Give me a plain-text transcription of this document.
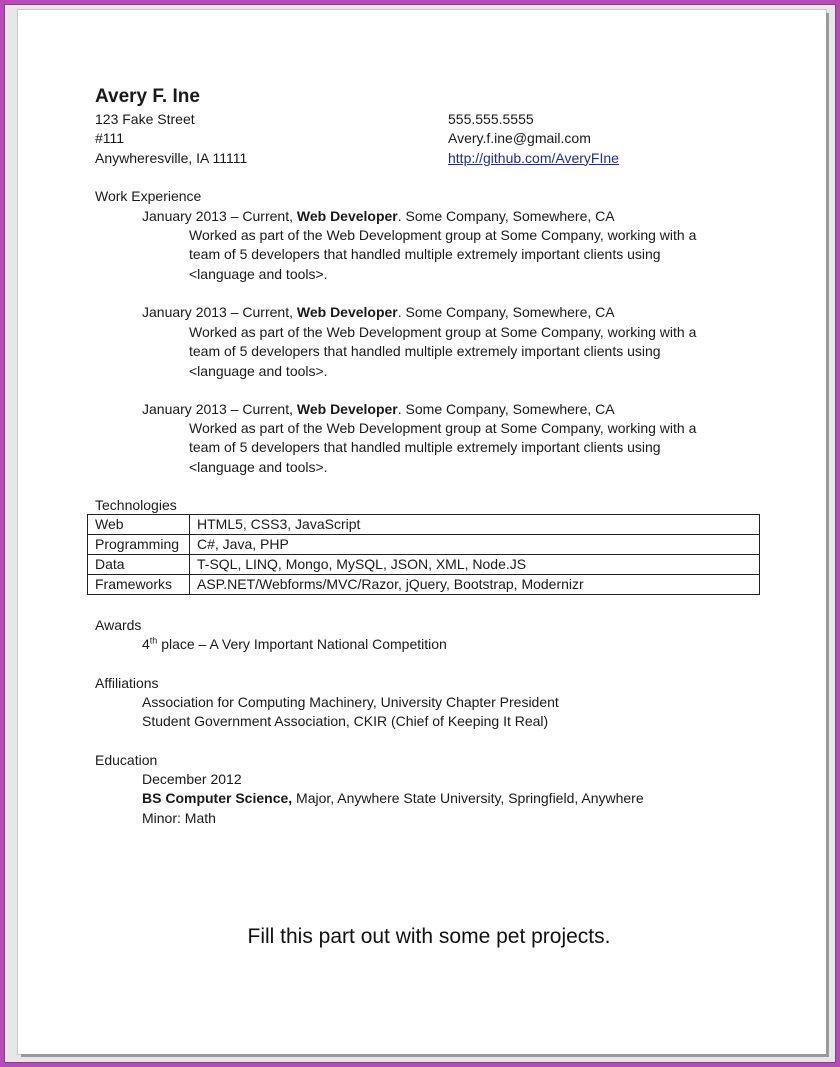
Avery F. Ine
123 Fake Street
#111
Anywheresville, IA 11111
555.555.5555
Avery.f.ine@gmail.com
http://github.com/AveryFIne
Work Experience
January 2013 – Current, Web Developer. Some Company, Somewhere, CA
Worked as part of the Web Development group at Some Company, working with a
team of 5 developers that handled multiple extremely important clients using
<language and tools>.
January 2013 – Current, Web Developer. Some Company, Somewhere, CA
Worked as part of the Web Development group at Some Company, working with a
team of 5 developers that handled multiple extremely important clients using
<language and tools>.
January 2013 – Current, Web Developer. Some Company, Somewhere, CA
Worked as part of the Web Development group at Some Company, working with a
team of 5 developers that handled multiple extremely important clients using
<language and tools>.
Technologies
Web	HTML5, CSS3, JavaScript
Programming	C#, Java, PHP
Data	T-SQL, LINQ, Mongo, MySQL, JSON, XML, Node.JS
Frameworks	ASP.NET/Webforms/MVC/Razor, jQuery, Bootstrap, Modernizr
Awards
4th place – A Very Important National Competition
Affiliations
Association for Computing Machinery, University Chapter President
Student Government Association, CKIR (Chief of Keeping It Real)
Education
December 2012
BS Computer Science, Major, Anywhere State University, Springfield, Anywhere
Minor: Math
Fill this part out with some pet projects.
